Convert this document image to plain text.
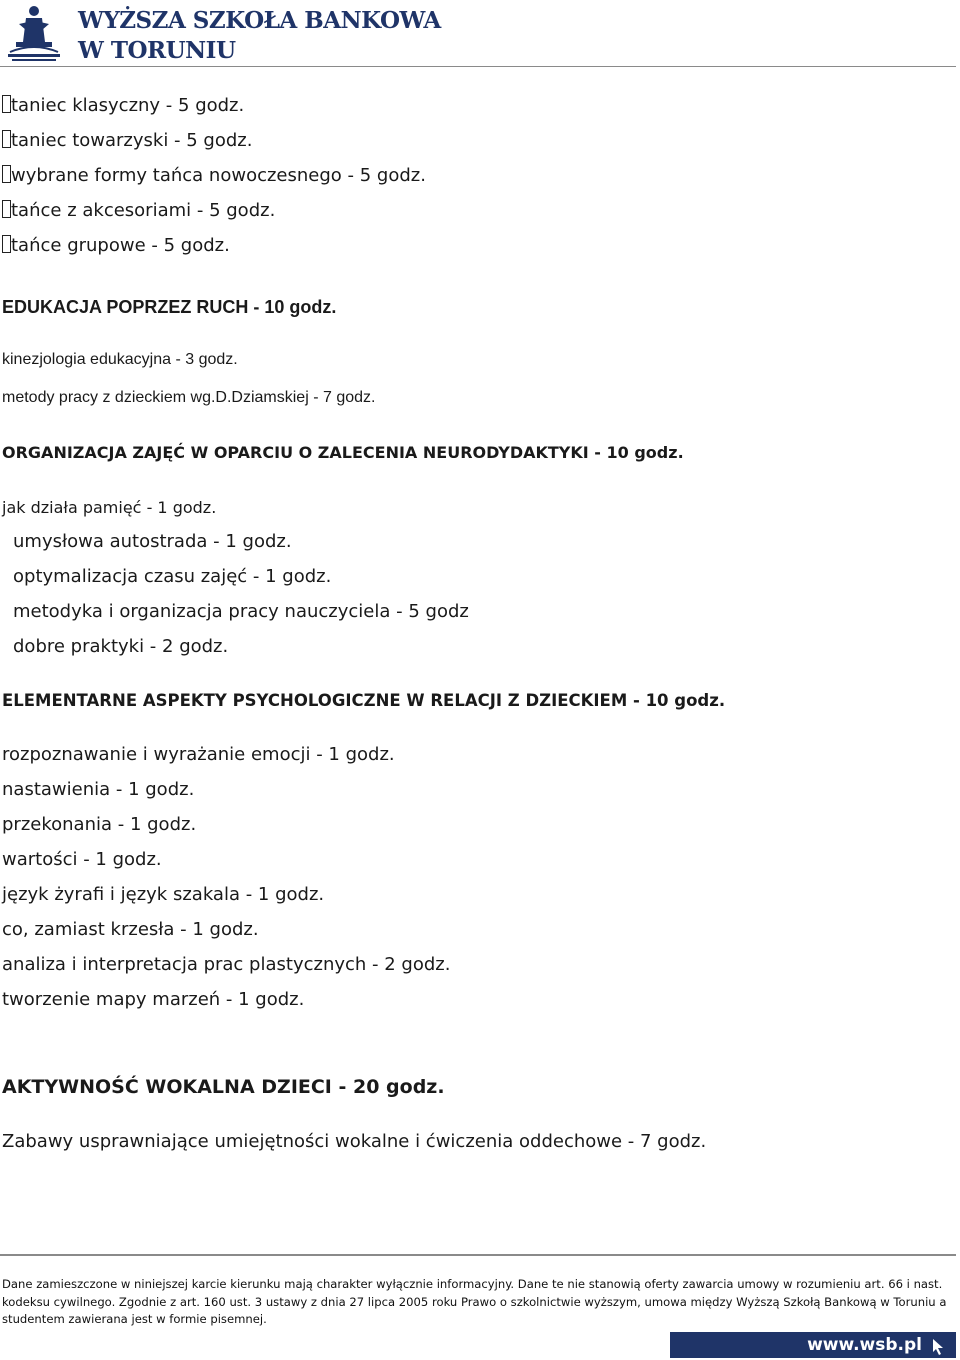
WYŻSZA SZKOŁA BANKOWA
W TORUNIU
taniec klasyczny - 5 godz.
taniec towarzyski - 5 godz.
wybrane formy tańca nowoczesnego - 5 godz.
tańce z akcesoriami - 5 godz.
tańce grupowe - 5 godz.
EDUKACJA POPRZEZ RUCH - 10 godz.
kinezjologia edukacyjna - 3 godz.
metody pracy z dzieckiem wg.D.Dziamskiej - 7 godz.
ORGANIZACJA ZAJĘĆ W OPARCIU O ZALECENIA NEURODYDAKTYKI - 10 godz.
jak działa pamięć - 1 godz.
umysłowa autostrada - 1 godz.
optymalizacja czasu zajęć - 1 godz.
metodyka i organizacja pracy nauczyciela - 5 godz
dobre praktyki - 2 godz.
ELEMENTARNE ASPEKTY PSYCHOLOGICZNE W RELACJI Z DZIECKIEM - 10 godz.
rozpoznawanie i wyrażanie emocji - 1 godz.
nastawienia - 1 godz.
przekonania - 1 godz.
wartości - 1 godz.
język żyrafi i język szakala - 1 godz.
co, zamiast krzesła - 1 godz.
analiza i interpretacja prac plastycznych - 2 godz.
tworzenie mapy marzeń - 1 godz.
AKTYWNOŚĆ WOKALNA DZIECI - 20 godz.
Zabawy usprawniające umiejętności wokalne i ćwiczenia oddechowe - 7 godz.
Dane zamieszczone w niniejszej karcie kierunku mają charakter wyłącznie informacyjny. Dane te nie stanowią oferty zawarcia umowy w rozumieniu art. 66 i nast.
kodeksu cywilnego. Zgodnie z art. 160 ust. 3 ustawy z dnia 27 lipca 2005 roku Prawo o szkolnictwie wyższym, umowa między Wyższą Szkołą Bankową w Toruniu a
studentem zawierana jest w formie pisemnej.
www.wsb.pl
